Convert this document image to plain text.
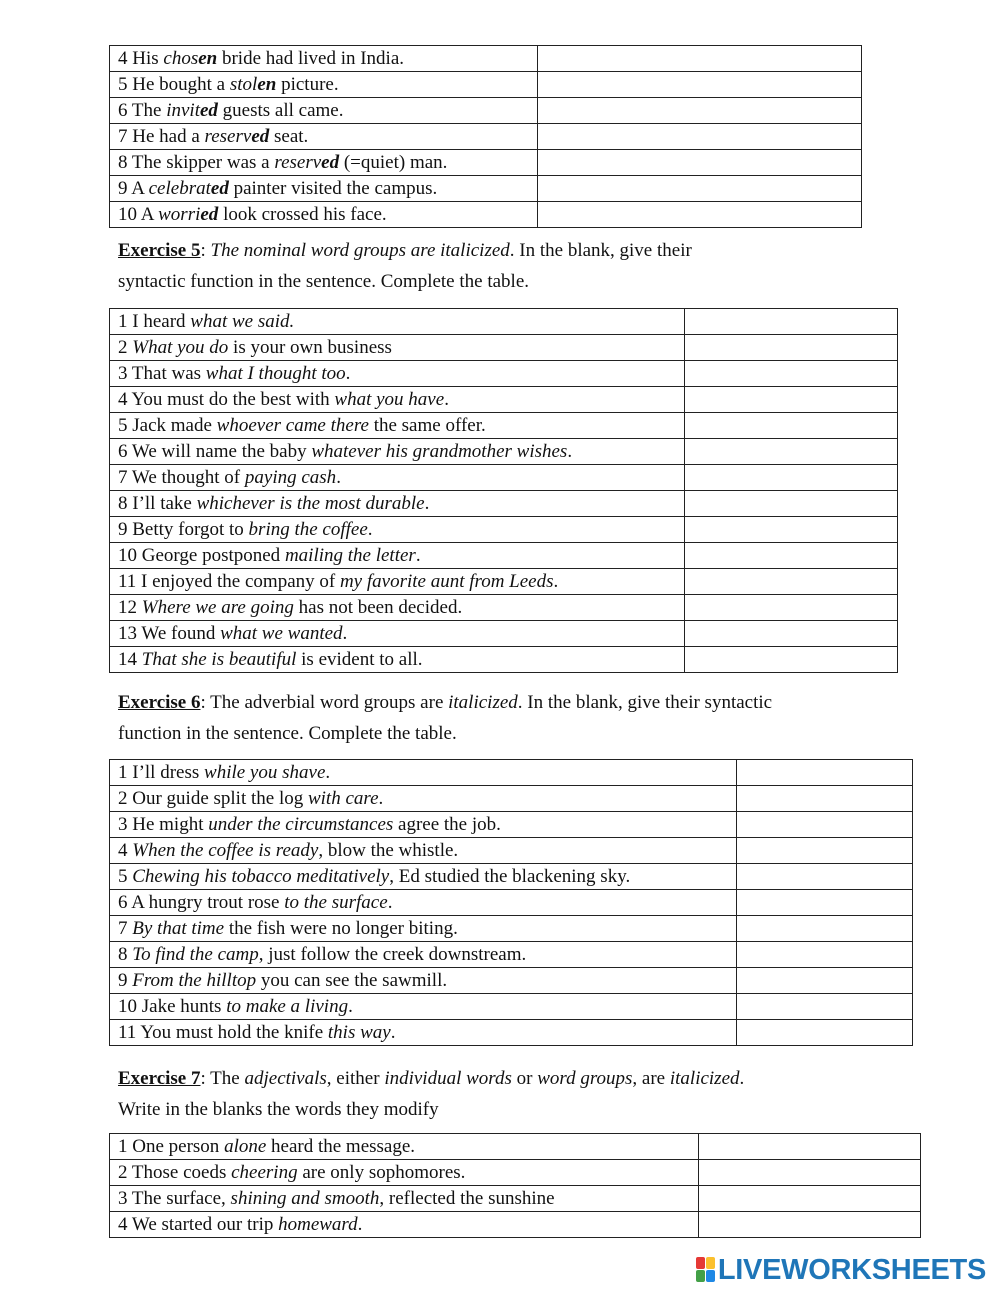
4 His chosen bride had lived in India.	
5 He bought a stolen picture.	
6 The invited guests all came.	
7 He had a reserved seat.	
8 The skipper was a reserved (=quiet) man.	
9 A celebrated painter visited the campus.	
10 A worried look crossed his face.	
Exercise 5: The nominal word groups are italicized. In the blank, give their
syntactic function in the sentence. Complete the table.
1 I heard what we said.	
2 What you do is your own business	
3 That was what I thought too.	
4 You must do the best with what you have.	
5 Jack made whoever came there the same offer.	
6 We will name the baby whatever his grandmother wishes.	
7 We thought of paying cash.	
8 I’ll take whichever is the most durable.	
9 Betty forgot to bring the coffee.	
10 George postponed mailing the letter.	
11 I enjoyed the company of my favorite aunt from Leeds.	
12 Where we are going has not been decided.	
13 We found what we wanted.	
14 That she is beautiful is evident to all.	
Exercise 6: The adverbial word groups are italicized. In the blank, give their syntactic
function in the sentence. Complete the table.
1 I’ll dress while you shave.	
2 Our guide split the log with care.	
3 He might under the circumstances agree the job.	
4 When the coffee is ready, blow the whistle.	
5 Chewing his tobacco meditatively, Ed studied the blackening sky.	
6 A hungry trout rose to the surface.	
7 By that time the fish were no longer biting.	
8 To find the camp, just follow the creek downstream.	
9 From the hilltop you can see the sawmill.	
10 Jake hunts to make a living.	
11 You must hold the knife this way.	
Exercise 7: The adjectivals, either individual words or word groups, are italicized.
Write in the blanks the words they modify
1 One person alone heard the message.	
2 Those coeds cheering are only sophomores.	
3 The surface, shining and smooth, reflected the sunshine	
4 We started our trip homeward.	
LIVEWORKSHEETS
